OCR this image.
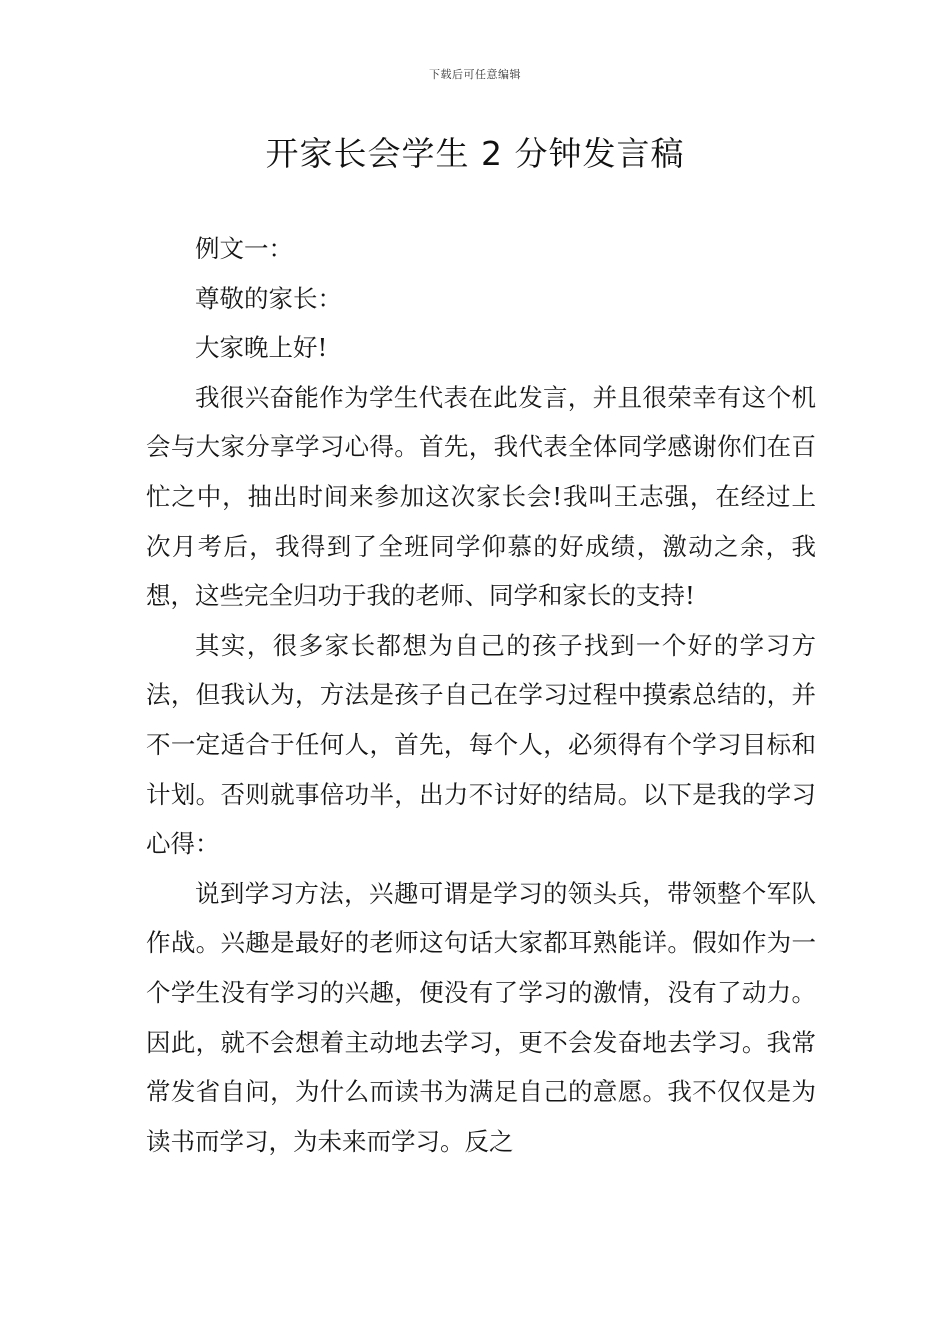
下载后可任意编辑
开家长会学生 2 分钟发言稿

例文一：

尊敬的家长：

大家晚上好!

我很兴奋能作为学生代表在此发言，并且很荣幸有这个机会与大家分享学习心得。首先，我代表全体同学感谢你们在百忙之中，抽出时间来参加这次家长会!我叫王志强，在经过上次月考后，我得到了全班同学仰慕的好成绩，激动之余，我想，这些完全归功于我的老师、同学和家长的支持!

其实，很多家长都想为自己的孩子找到一个好的学习方法，但我认为，方法是孩子自己在学习过程中摸索总结的，并不一定适合于任何人，首先，每个人，必须得有个学习目标和计划。否则就事倍功半，出力不讨好的结局。以下是我的学习心得：

说到学习方法，兴趣可谓是学习的领头兵，带领整个军队作战。兴趣是最好的老师这句话大家都耳熟能详。假如作为一个学生没有学习的兴趣，便没有了学习的激情，没有了动力。因此，就不会想着主动地去学习，更不会发奋地去学习。我常常发省自问，为什么而读书为满足自己的意愿。我不仅仅是为读书而学习，为未来而学习。反之
